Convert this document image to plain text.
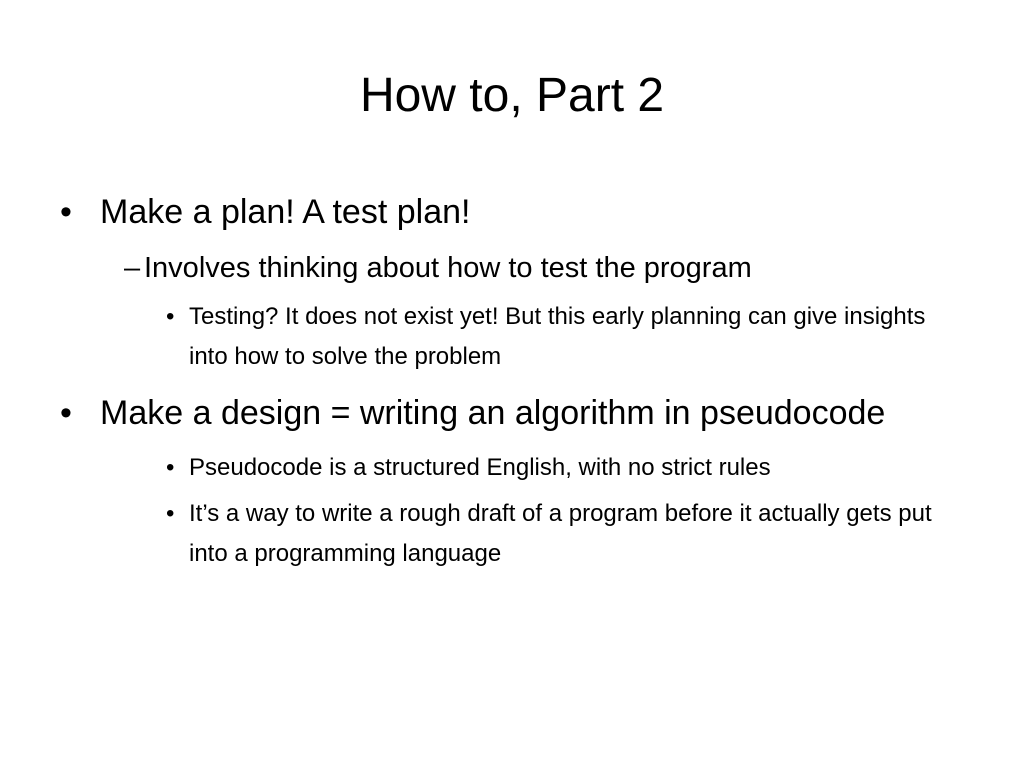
How to, Part 2
• Make a plan! A test plan!
– Involves thinking about how to test the program
• Testing? It does not exist yet! But this early planning can give insights into how to solve the problem
• Make a design = writing an algorithm in pseudocode
• Pseudocode is a structured English, with no strict rules
• It’s a way to write a rough draft of a program before it actually gets put into a programming language
